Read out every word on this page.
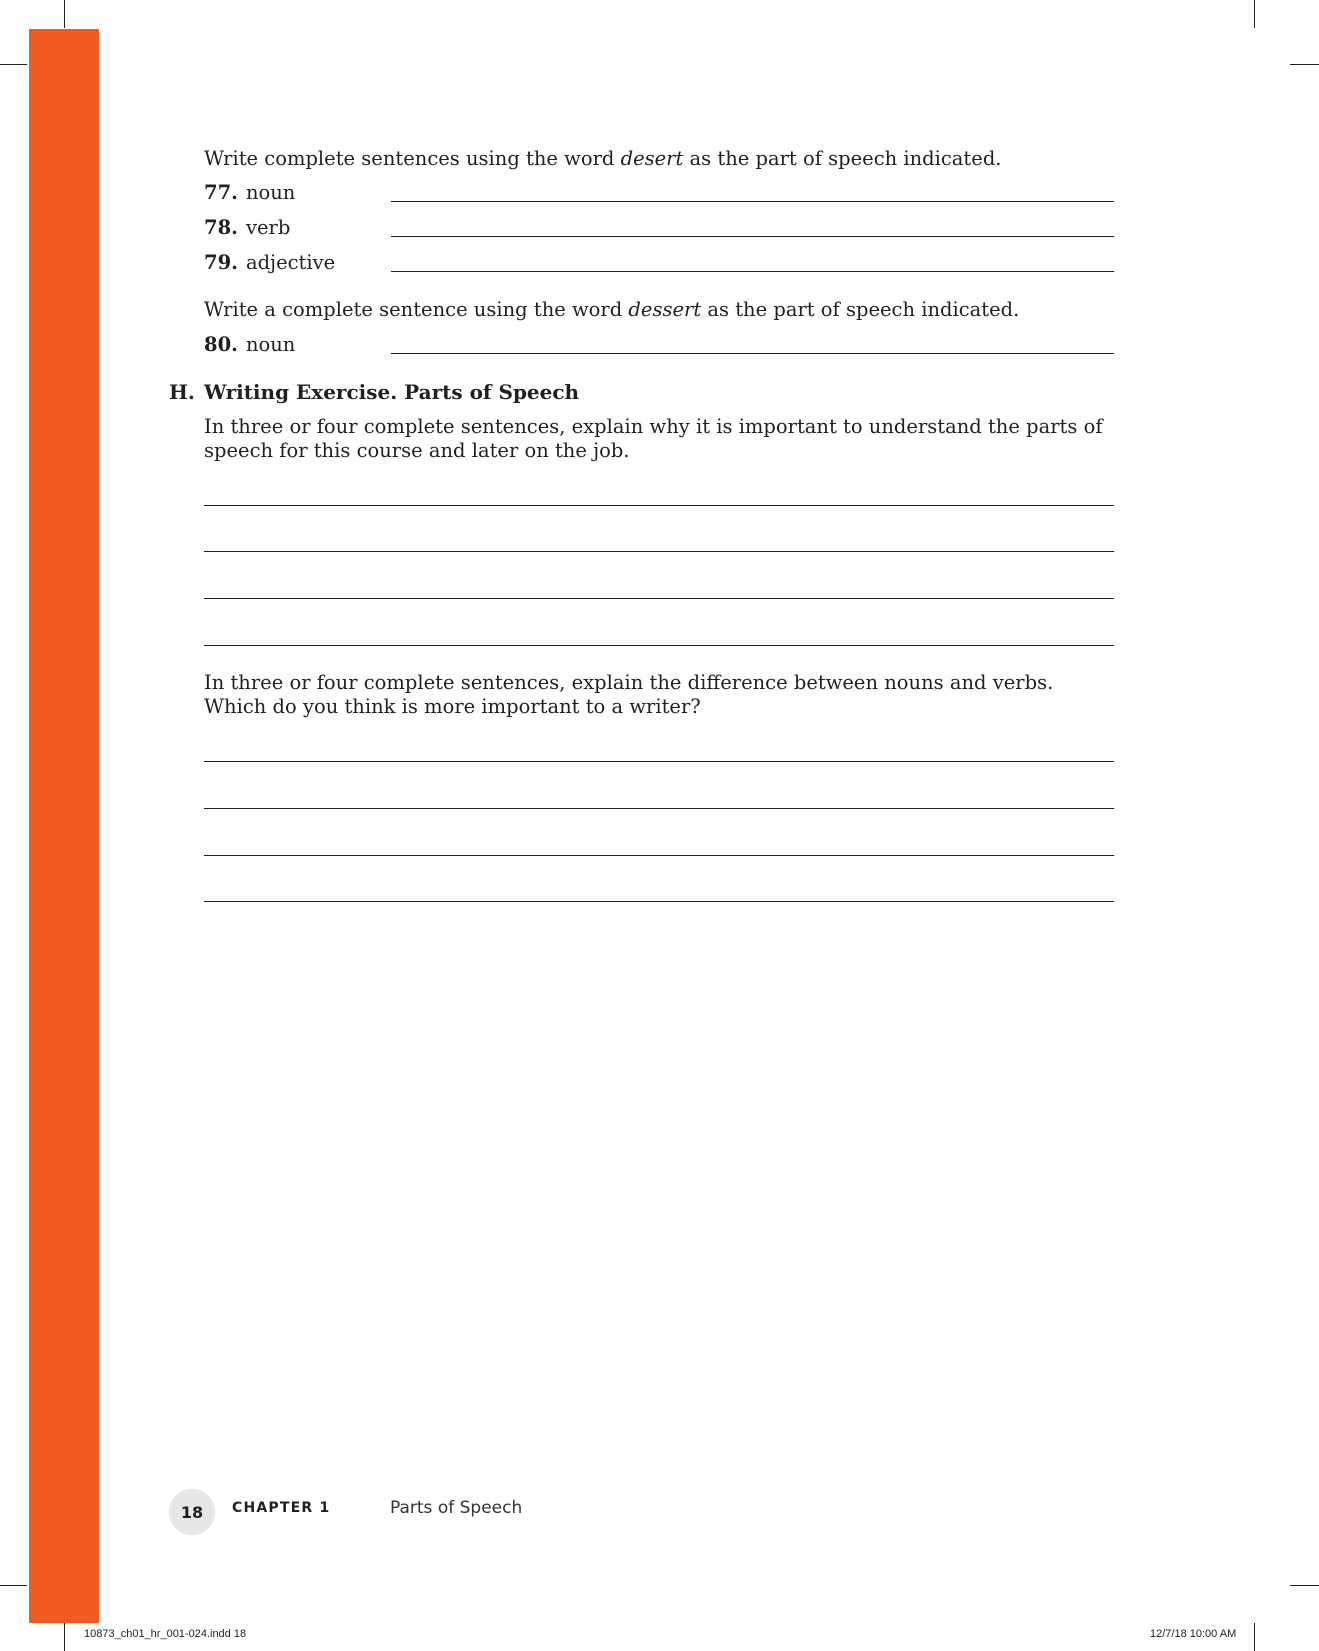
Write complete sentences using the word desert as the part of speech indicated.
77. noun
78. verb
79. adjective
Write a complete sentence using the word dessert as the part of speech indicated.
80. noun
H. Writing Exercise. Parts of Speech
In three or four complete sentences, explain why it is important to understand the parts of speech for this course and later on the job.
In three or four complete sentences, explain the difference between nouns and verbs. Which do you think is more important to a writer?
18	CHAPTER 1	Parts of Speech
10873_ch01_hr_001-024.indd 18	12/7/18 10:00 AM
